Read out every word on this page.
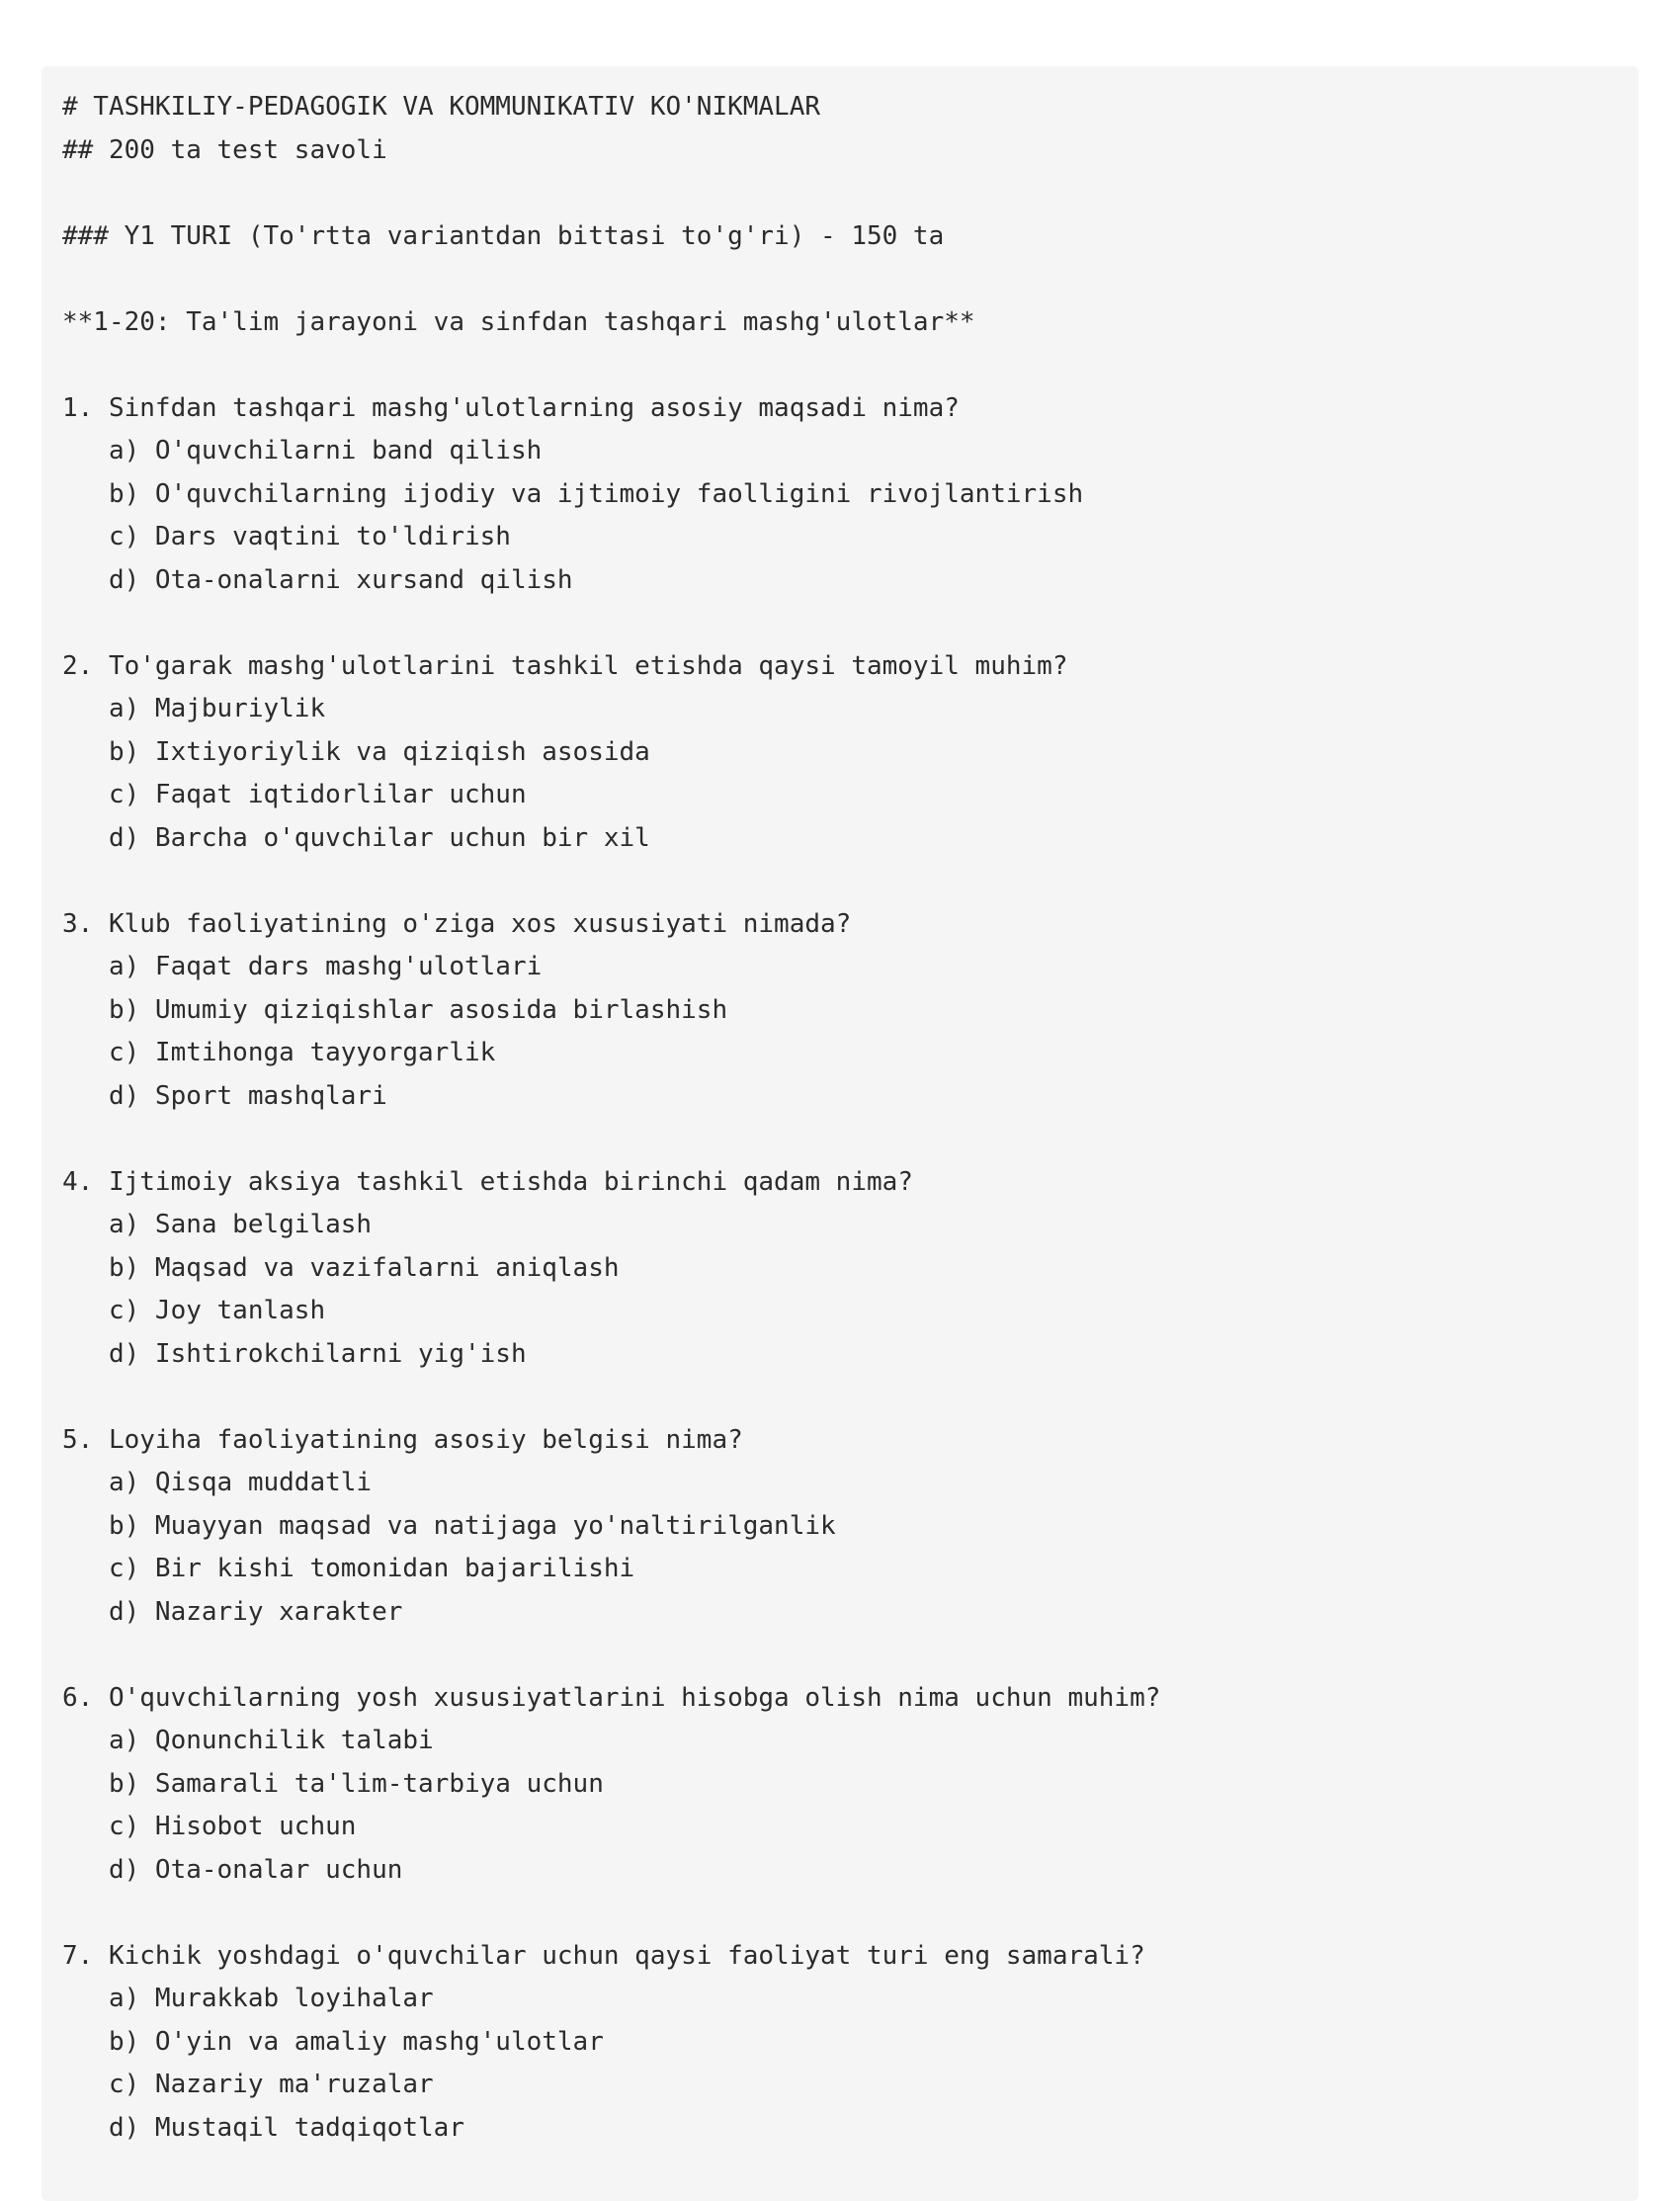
# TASHKILIY-PEDAGOGIK VA KOMMUNIKATIV KO'NIKMALAR
## 200 ta test savoli
### Y1 TURI (To'rtta variantdan bittasi to'g'ri) - 150 ta
**1-20: Ta'lim jarayoni va sinfdan tashqari mashg'ulotlar**
1. Sinfdan tashqari mashg'ulotlarning asosiy maqsadi nima?
a) O'quvchilarni band qilish
b) O'quvchilarning ijodiy va ijtimoiy faolligini rivojlantirish
c) Dars vaqtini to'ldirish
d) Ota-onalarni xursand qilish
2. To'garak mashg'ulotlarini tashkil etishda qaysi tamoyil muhim?
a) Majburiylik
b) Ixtiyoriylik va qiziqish asosida
c) Faqat iqtidorlilar uchun
d) Barcha o'quvchilar uchun bir xil
3. Klub faoliyatining o'ziga xos xususiyati nimada?
a) Faqat dars mashg'ulotlari
b) Umumiy qiziqishlar asosida birlashish
c) Imtihonga tayyorgarlik
d) Sport mashqlari
4. Ijtimoiy aksiya tashkil etishda birinchi qadam nima?
a) Sana belgilash
b) Maqsad va vazifalarni aniqlash
c) Joy tanlash
d) Ishtirokchilarni yig'ish
5. Loyiha faoliyatining asosiy belgisi nima?
a) Qisqa muddatli
b) Muayyan maqsad va natijaga yo'naltirilganlik
c) Bir kishi tomonidan bajarilishi
d) Nazariy xarakter
6. O'quvchilarning yosh xususiyatlarini hisobga olish nima uchun muhim?
a) Qonunchilik talabi
b) Samarali ta'lim-tarbiya uchun
c) Hisobot uchun
d) Ota-onalar uchun
7. Kichik yoshdagi o'quvchilar uchun qaysi faoliyat turi eng samarali?
a) Murakkab loyihalar
b) O'yin va amaliy mashg'ulotlar
c) Nazariy ma'ruzalar
d) Mustaqil tadqiqotlar
